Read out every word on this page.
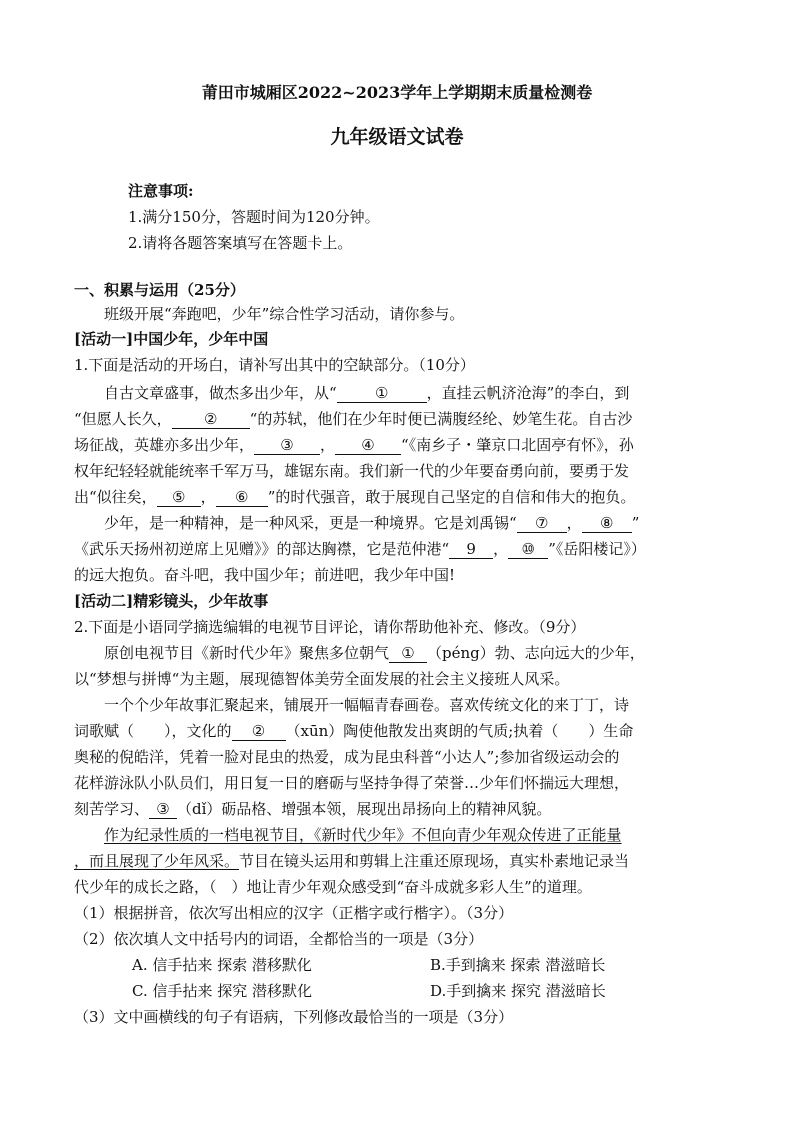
莆田市城厢区2022~2023学年上学期期末质量检测卷
九年级语文试卷
注意事项:
1.满分150分，答题时间为120分钟。
2.请将各题答案填写在答题卡上。
一、积累与运用（25分）
班级开展“奔跑吧，少年”综合性学习活动，请你参与。
[活动一]中国少年，少年中国
1.下面是活动的开场白，请补写出其中的空缺部分。（10分）
自古文章盛事，做杰多出少年，从“	①	，直挂云帆济沧海”的李白，到
“但愿人长久， ② “的苏轼，他们在少年时便已满腹经纶、妙笔生花。自古沙
场征战，英雄亦多出少年， ③ ， ④ “《南乡子・肇京口北固亭有怀》，孙
权年纪轻轻就能统率千军万马，雄锯东南。我们新一代的少年要奋勇向前，要勇于发
出“似往矣， ⑤ ， ⑥ ”的时代强音，敢于展现自己坚定的自信和伟大的抱负。
少年，是一种精神，是一种风采，更是一种境界。它是刘禹锡“ ⑦ ， ⑧ ”
《武乐天扬州初逆席上见赠》》的部达胸襟，它是范仲港“ 9 ， ⑩ ”《岳阳楼记》）
的远大抱负。奋斗吧，我中国少年；前进吧，我少年中国!
[活动二]精彩镜头，少年故事
2.下面是小语同学摘选编辑的电视节目评论，请你帮助他补充、修改。（9分）
原创电视节目《新时代少年》聚焦多位朝气 ① （péng）勃、志向远大的少年，
以“梦想与拼博“为主题，展现德智体美劳全面发展的社会主义接班人风采。
一个个少年故事汇聚起来，铺展开一幅幅青春画卷。喜欢传统文化的来丁丁，诗
词歌赋（　　），文化的 ② （xūn）陶使他散发出爽朗的气质;执着（　　）生命
奥秘的倪皓洋，凭着一脸对昆虫的热爱，成为昆虫科普“小达人”;参加省级运动会的
花样游泳队小队员们，用日复一日的磨砺与坚持争得了荣誉…少年们怀揣远大理想，
刻苦学习、 ③ （dǐ）砺品格、增强本领，展现出昂扬向上的精神风貌。
作为纪录性质的一档电视节目，《新时代少年》不但向青少年观众传进了正能量
，而且展现了少年风采。节目在镜头运用和剪辑上注重还原现场，真实朴素地记录当
代少年的成长之路，（　）地让青少年观众感受到“奋斗成就多彩人生”的道理。
（1）根据拼音，依次写出相应的汉字（正楷字或行楷字）。（3分）
（2）依次填人文中括号内的词语，全都恰当的一项是（3分）
A. 信手拈来 探索 潜移默化	B.手到擒来 探索 潜滋暗长
C. 信手拈来 探究 潜移默化	D.手到擒来 探究 潜滋暗长
（3）文中画横线的句子有语病，下列修改最恰当的一项是（3分）
